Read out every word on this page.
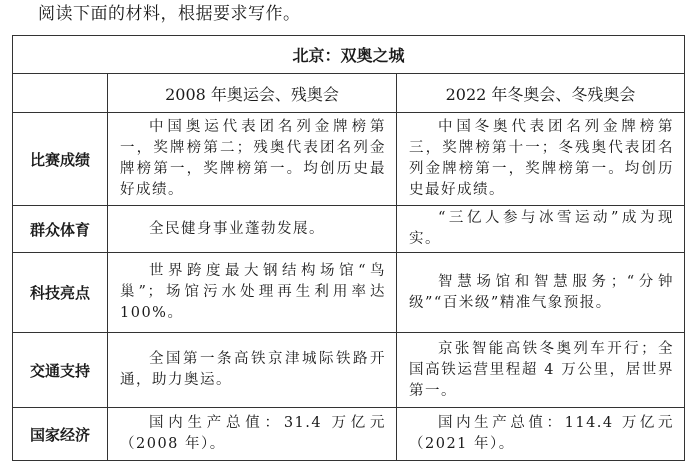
阅读下面的材料，根据要求写作。
北京：双奥之城		
	2008 年奥运会、残奥会	2022 年冬奥会、冬残奥会
比赛成绩	中国奥运代表团名列金牌榜第一，奖牌榜第二；残奥代表团名列金牌榜第一，奖牌榜第一。均创历史最好成绩。	中国冬奥代表团名列金牌榜第三，奖牌榜第十一；冬残奥代表团名列金牌榜第一，奖牌榜第一。均创历史最好成绩。
群众体育	全民健身事业蓬勃发展。	“三亿人参与冰雪运动”成为现实。
科技亮点	世界跨度最大钢结构场馆“鸟巢”；场馆污水处理再生利用率达100%。	智慧场馆和智慧服务；“分钟级”“百米级”精准气象预报。
交通支持	全国第一条高铁京津城际铁路开通，助力奥运。	京张智能高铁冬奥列车开行；全国高铁运营里程超 4 万公里，居世界第一。
国家经济	国内生产总值：31.4 万亿元（2008 年）。	国内生产总值：114.4 万亿元（2021 年）。
